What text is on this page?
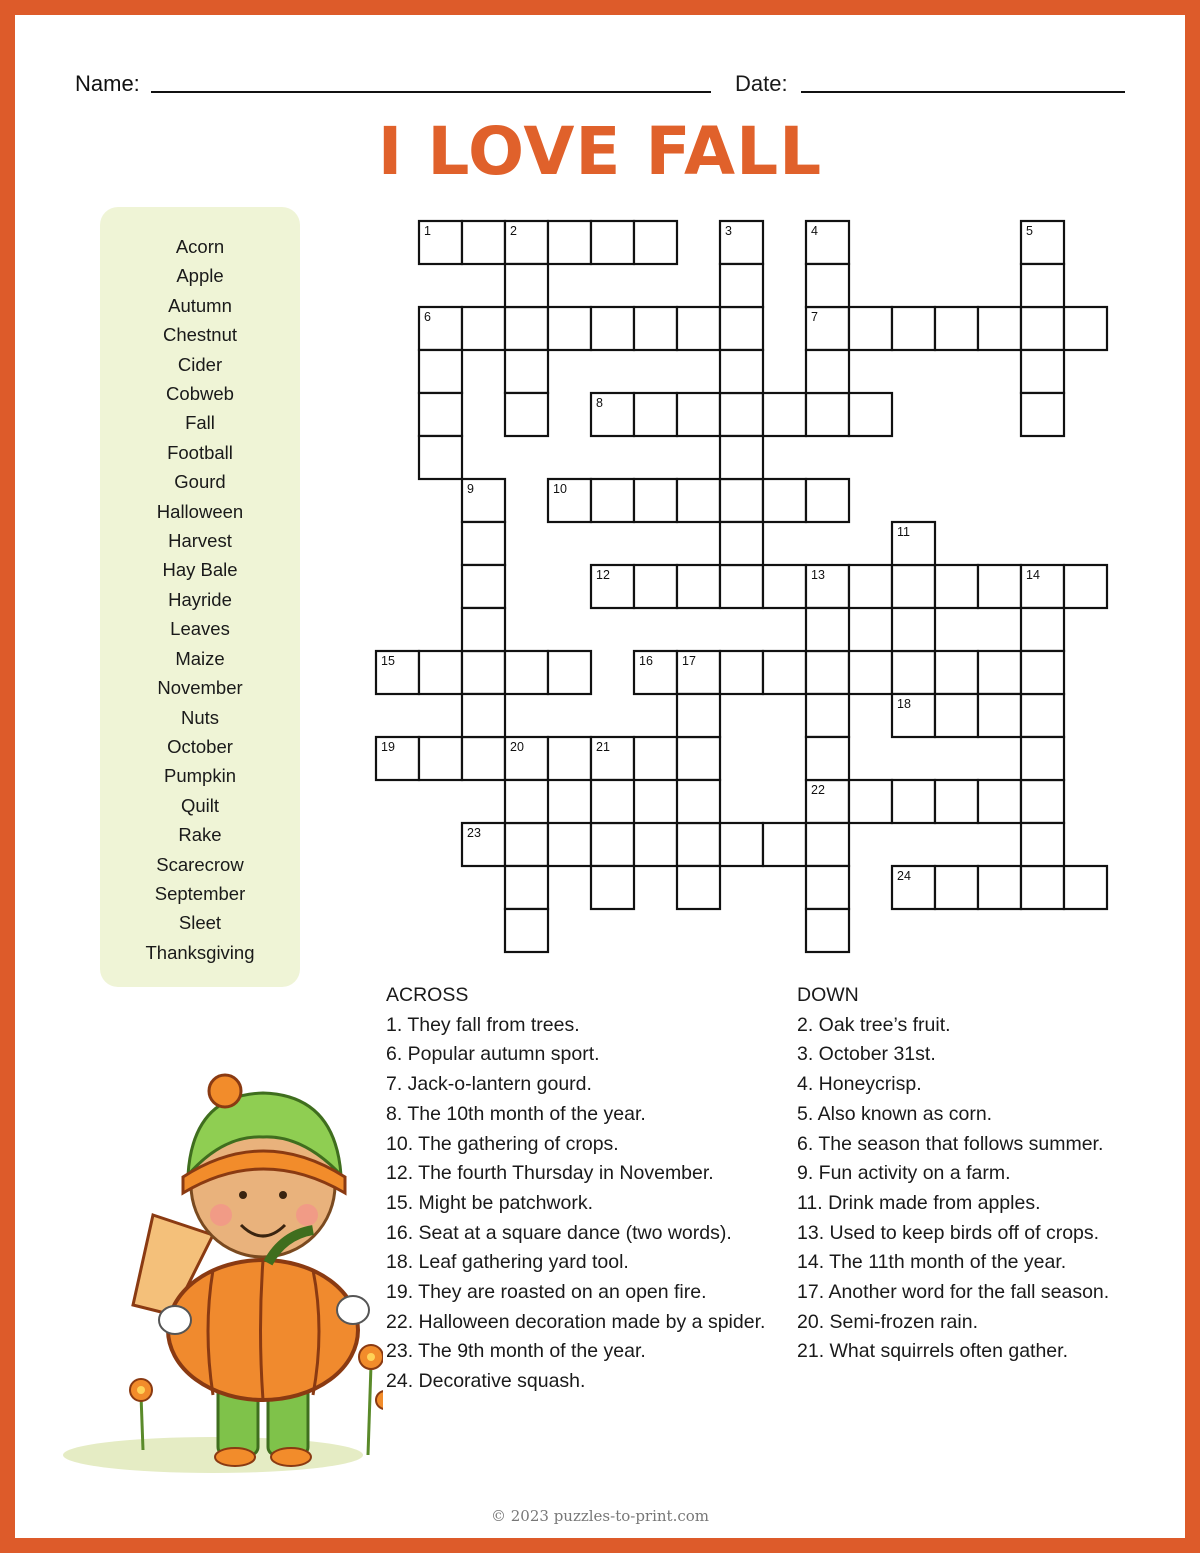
Name:	Date:
I LOVE FALL
Acorn
Apple
Autumn
Chestnut
Cider
Cobweb
Fall
Football
Gourd
Halloween
Harvest
Hay Bale
Hayride
Leaves
Maize
November
Nuts
October
Pumpkin
Quilt
Rake
Scarecrow
September
Sleet
Thanksgiving
1
6	7
8
10
12
15	16
18
19
22
23
24
2	3	4	5
9
11
13	14
17
20	21
ACROSS
1. They fall from trees.
6. Popular autumn sport.
7. Jack-o-lantern gourd.
8. The 10th month of the year.
10. The gathering of crops.
12. The fourth Thursday in November.
15. Might be patchwork.
16. Seat at a square dance (two words).
18. Leaf gathering yard tool.
19. They are roasted on an open fire.
22. Halloween decoration made by a spider.
23. The 9th month of the year.
24. Decorative squash.
DOWN
2. Oak tree’s fruit.
3. October 31st.
4. Honeycrisp.
5. Also known as corn.
6. The season that follows summer.
9. Fun activity on a farm.
11. Drink made from apples.
13. Used to keep birds off of crops.
14. The 11th month of the year.
17. Another word for the fall season.
20. Semi-frozen rain.
21. What squirrels often gather.
© 2023 puzzles-to-print.com
